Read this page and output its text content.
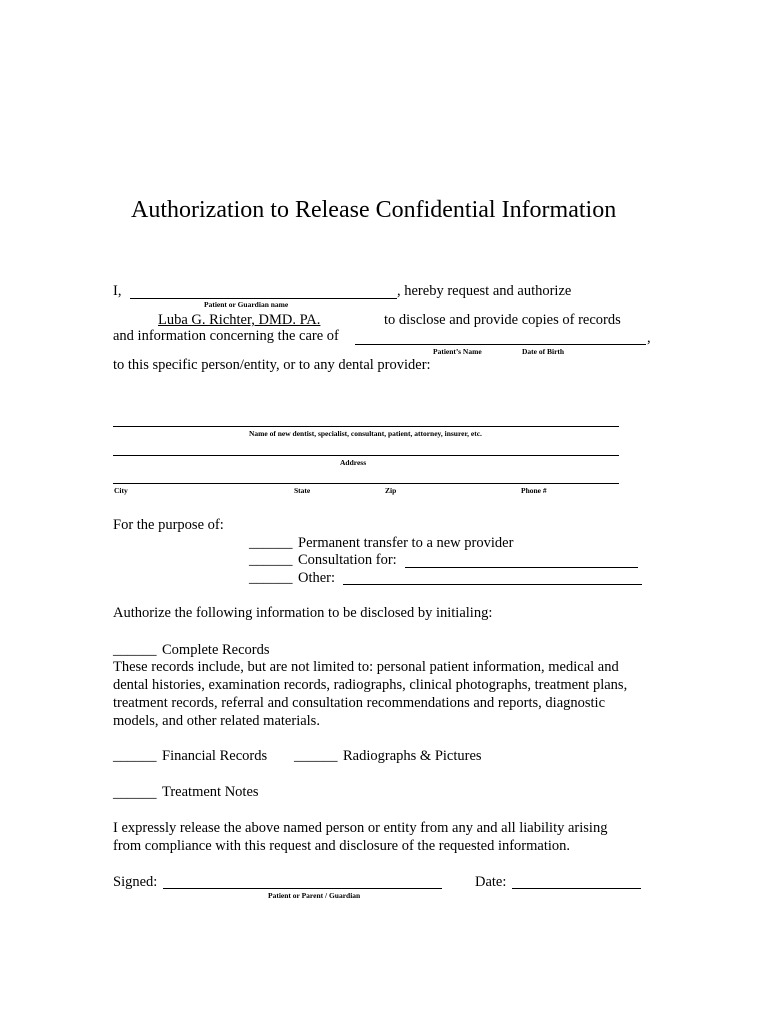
Authorization to Release Confidential Information
I,	, hereby request and authorize
Patient or Guardian name
Luba G. Richter, DMD. PA.	to disclose and provide copies of records
and information concerning the care of	,
Patient’s Name	Date of Birth
to this specific person/entity, or to any dental provider:
Name of new dentist, specialist, consultant, patient, attorney, insurer, etc.
Address
City	State	Zip	Phone #
For the purpose of:
______ Permanent transfer to a new provider
______ Consultation for:
______ Other:
Authorize the following information to be disclosed by initialing:
______ Complete Records
These records include, but are not limited to: personal patient information, medical and
dental histories, examination records, radiographs, clinical photographs, treatment plans,
treatment records, referral and consultation recommendations and reports, diagnostic
models, and other related materials.
______ Financial Records ______ Radiographs & Pictures
______ Treatment Notes
I expressly release the above named person or entity from any and all liability arising
from compliance with this request and disclosure of the requested information.
Signed:
Patient or Parent / Guardian
Date:
